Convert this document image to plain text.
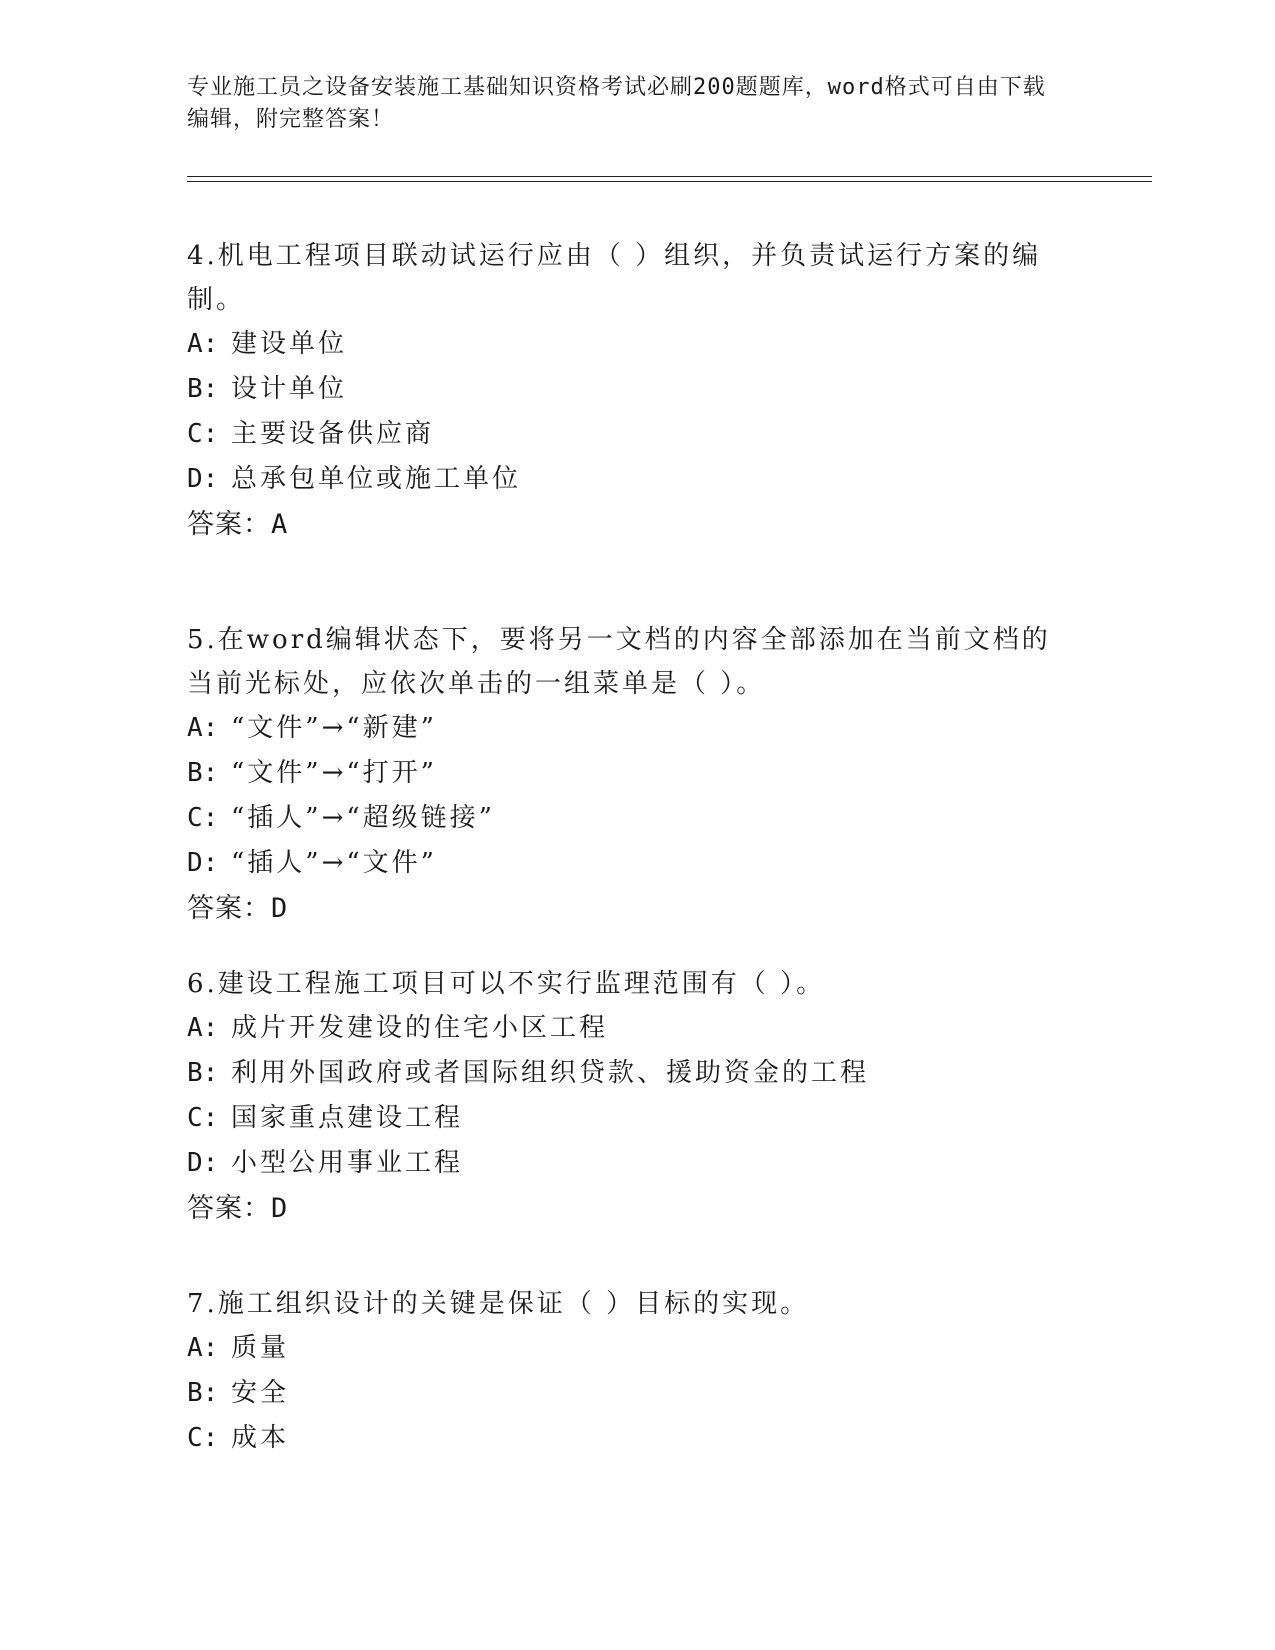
专业施工员之设备安装施工基础知识资格考试必刷200题题库，word格式可自由下载编辑，附完整答案！

4.机电工程项目联动试运行应由（ ）组织，并负责试运行方案的编制。

A: 建设单位

B: 设计单位

C: 主要设备供应商

D: 总承包单位或施工单位

答案：A

5.在word编辑状态下，要将另一文档的内容全部添加在当前文档的当前光标处，应依次单击的一组菜单是（ ）。

A: “文件”→“新建”

B: “文件”→“打开”

C: “插人”→“超级链接”

D: “插人”→“文件”

答案：D

6.建设工程施工项目可以不实行监理范围有（ ）。

A: 成片开发建设的住宅小区工程

B: 利用外国政府或者国际组织贷款、援助资金的工程

C: 国家重点建设工程

D: 小型公用事业工程

答案：D

7.施工组织设计的关键是保证（ ）目标的实现。

A: 质量

B: 安全

C: 成本
